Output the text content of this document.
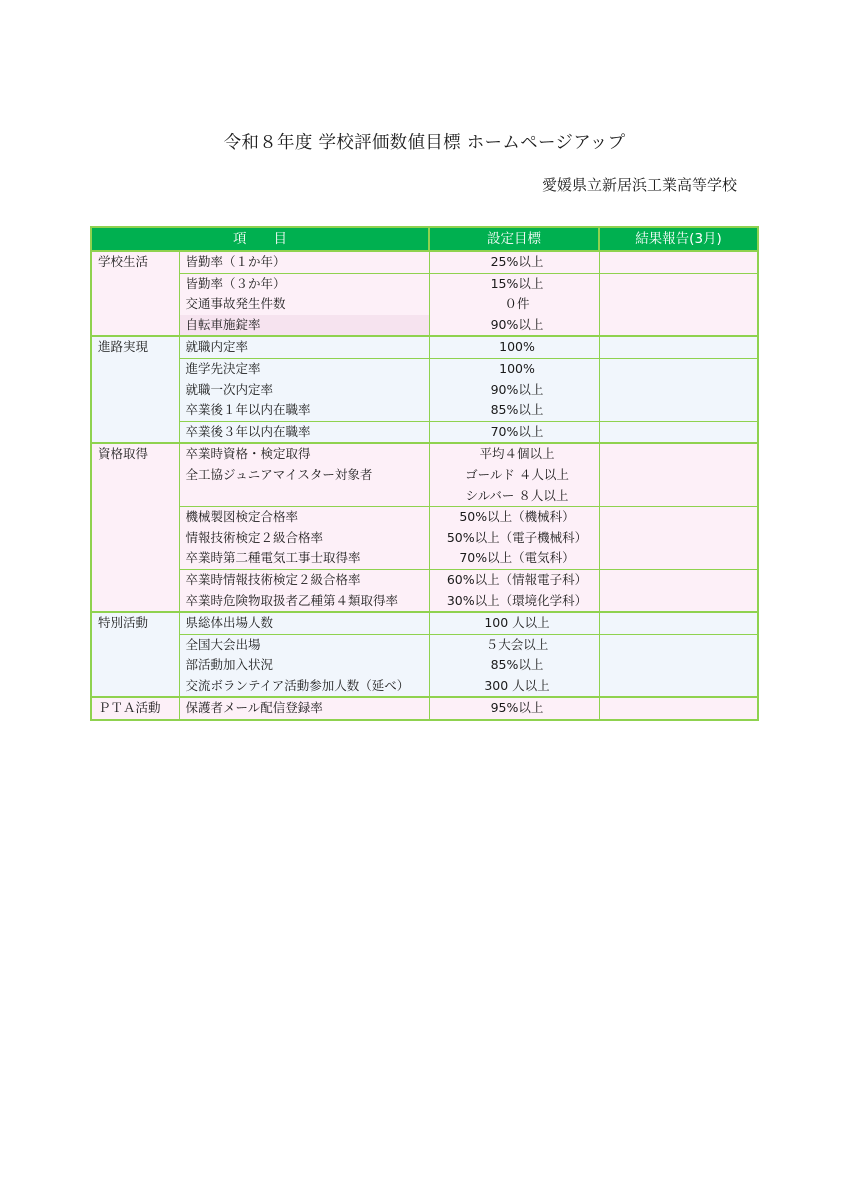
令和８年度 学校評価数値目標 ホームページアップ
愛媛県立新居浜工業高等学校
項　　目		設定目標	結果報告(3月)
学校生活	皆勤率（１か年）	25%以上	
	皆勤率（３か年）	15%以上	
	交通事故発生件数	０件	
	自転車施錠率	90%以上	
進路実現	就職内定率	100%	
	進学先決定率	100%	
	就職一次内定率	90%以上	
	卒業後１年以内在職率	85%以上	
	卒業後３年以内在職率	70%以上	
資格取得	卒業時資格・検定取得	平均４個以上	
	全工協ジュニアマイスター対象者	ゴールド ４人以上	
		シルバー ８人以上	
	機械製図検定合格率	50%以上（機械科）	
	情報技術検定２級合格率	50%以上（電子機械科）	
	卒業時第二種電気工事士取得率	70%以上（電気科）	
	卒業時情報技術検定２級合格率	60%以上（情報電子科）	
	卒業時危険物取扱者乙種第４類取得率	30%以上（環境化学科）	
特別活動	県総体出場人数	100 人以上	
	全国大会出場	５大会以上	
	部活動加入状況	85%以上	
	交流ボランテイア活動参加人数（延べ）	300 人以上	
ＰＴＡ活動	保護者メール配信登録率	95%以上	
